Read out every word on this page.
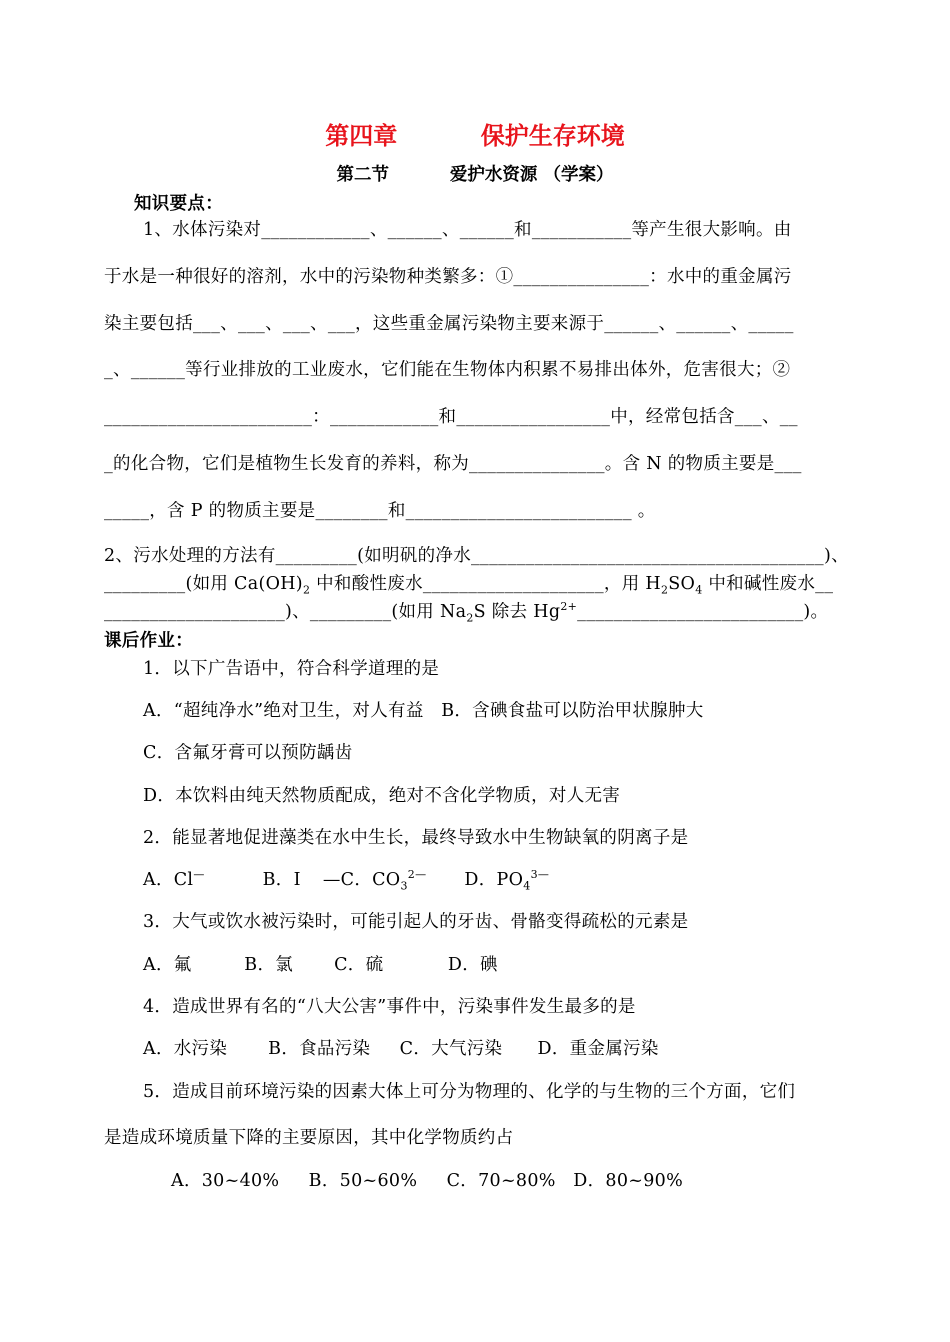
第四章          保护生存环境
第二节          爱护水资源 （学案）
知识要点：
1、水体污染对____________、______、______和___________等产生很大影响。由
于水是一种很好的溶剂，水中的污染物种类繁多：①_______________：水中的重金属污
染主要包括___、___、___、___，这些重金属污染物主要来源于______、______、_____
_、______等行业排放的工业废水，它们能在生物体内积累不易排出体外，危害很大；②
_______________________：____________和_________________中，经常包括含___、__
_的化合物，它们是植物生长发育的养料，称为_______________。含 N 的物质主要是___
_____，含 P 的物质主要是________和_________________________ 。
2、污水处理的方法有_________(如明矾的净水_______________________________________)、
_________(如用 $Ca(OH)_2$ 中和酸性废水____________________，用 $H_2SO_4$ 中和碱性废水__
____________________)、_________(如用 $Na_2S$ 除去 $Hg^{2+}\_\_\_\_\_\_\_\_\_\_\_\_\_\_\_\_\_\_\_\_\_\_\_\_\_$)。
课后作业：
1．以下广告语中，符合科学道理的是
A．“超纯净水”绝对卫生，对人有益   B．含碘食盐可以防治甲状腺肿大
C．含氟牙膏可以预防龋齿
D．本饮料由纯天然物质配成，绝对不含化学物质，对人无害
2．能显著地促进藻类在水中生长，最终导致水中生物缺氧的阴离子是
A．Cl—	B．I —C．$CO_3^{2—}$ D．$PO_4^{3—}$
3．大气或饮水被污染时，可能引起人的牙齿、骨骼变得疏松的元素是
A．氟         B．氯       C．硫           D．碘
4．造成世界有名的“八大公害”事件中，污染事件发生最多的是
A．水污染       B．食品污染     C．大气污染      D．重金属污染
5．造成目前环境污染的因素大体上可分为物理的、化学的与生物的三个方面，它们
是造成环境质量下降的主要原因，其中化学物质约占
A．30~40%     B．50~60%     C．70~80%   D．80~90%
